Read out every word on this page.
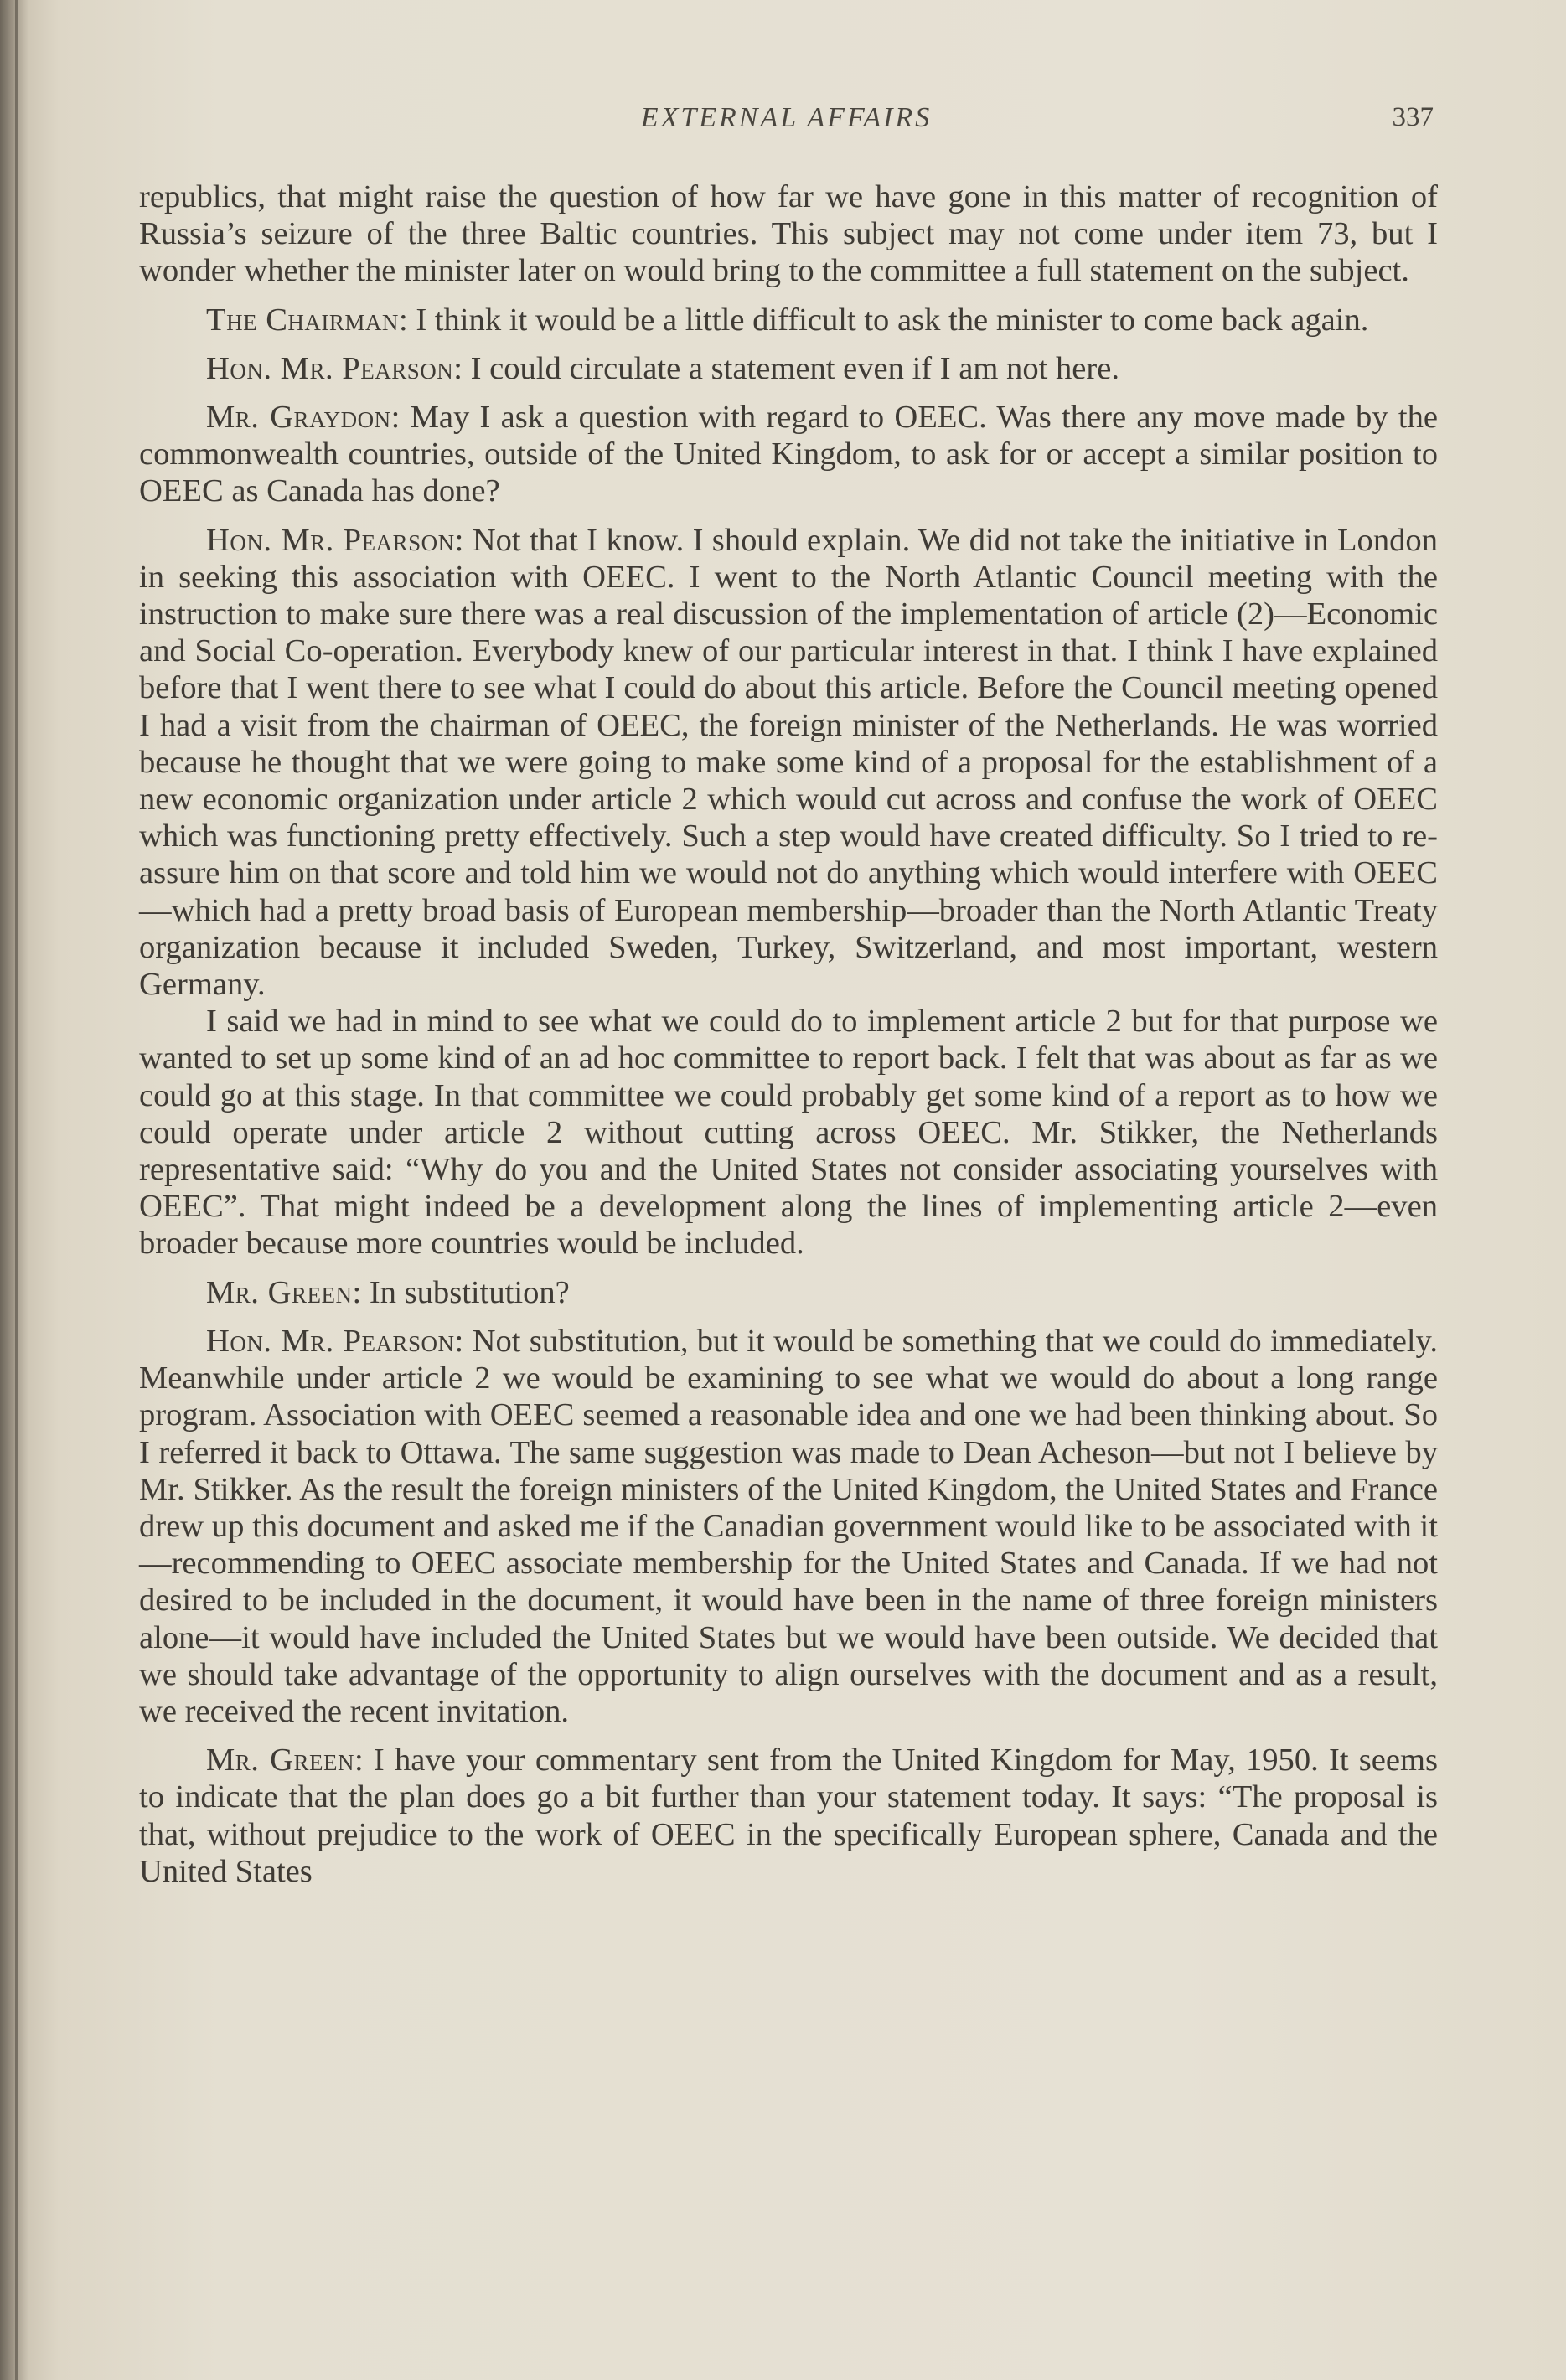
EXTERNAL AFFAIRS	337

republics, that might raise the question of how far we have gone in this matter of recognition of Russia’s seizure of the three Baltic countries. This subject may not come under item 73, but I wonder whether the minister later on would bring to the committee a full statement on the subject.

The Chairman: I think it would be a little difficult to ask the minister to come back again.

Hon. Mr. Pearson: I could circulate a statement even if I am not here.

Mr. Graydon: May I ask a question with regard to OEEC. Was there any move made by the commonwealth countries, outside of the United Kingdom, to ask for or accept a similar position to OEEC as Canada has done?

Hon. Mr. Pearson: Not that I know. I should explain. We did not take the initiative in London in seeking this association with OEEC. I went to the North Atlantic Council meeting with the instruction to make sure there was a real discussion of the implementation of article (2)—Economic and Social Co-operation. Everybody knew of our particular interest in that. I think I have explained before that I went there to see what I could do about this article. Before the Council meeting opened I had a visit from the chairman of OEEC, the foreign minister of the Netherlands. He was worried because he thought that we were going to make some kind of a proposal for the establishment of a new economic organization under article 2 which would cut across and confuse the work of OEEC which was functioning pretty effectively. Such a step would have created difficulty. So I tried to re-assure him on that score and told him we would not do anything which would interfere with OEEC—which had a pretty broad basis of European membership—broader than the North Atlantic Treaty organization because it included Sweden, Turkey, Switzerland, and most important, western Germany.

I said we had in mind to see what we could do to implement article 2 but for that purpose we wanted to set up some kind of an ad hoc committee to report back. I felt that was about as far as we could go at this stage. In that committee we could probably get some kind of a report as to how we could operate under article 2 without cutting across OEEC. Mr. Stikker, the Netherlands representative said: “Why do you and the United States not consider associating yourselves with OEEC”. That might indeed be a development along the lines of implementing article 2—even broader because more countries would be included.

Mr. Green: In substitution?

Hon. Mr. Pearson: Not substitution, but it would be something that we could do immediately. Meanwhile under article 2 we would be examining to see what we would do about a long range program. Association with OEEC seemed a reasonable idea and one we had been thinking about. So I referred it back to Ottawa. The same suggestion was made to Dean Acheson—but not I believe by Mr. Stikker. As the result the foreign ministers of the United Kingdom, the United States and France drew up this document and asked me if the Canadian government would like to be associated with it—recommending to OEEC associate membership for the United States and Canada. If we had not desired to be included in the document, it would have been in the name of three foreign ministers alone—it would have included the United States but we would have been outside. We decided that we should take advantage of the opportunity to align ourselves with the document and as a result, we received the recent invitation.

Mr. Green: I have your commentary sent from the United Kingdom for May, 1950. It seems to indicate that the plan does go a bit further than your statement today. It says: “The proposal is that, without prejudice to the work of OEEC in the specifically European sphere, Canada and the United States
